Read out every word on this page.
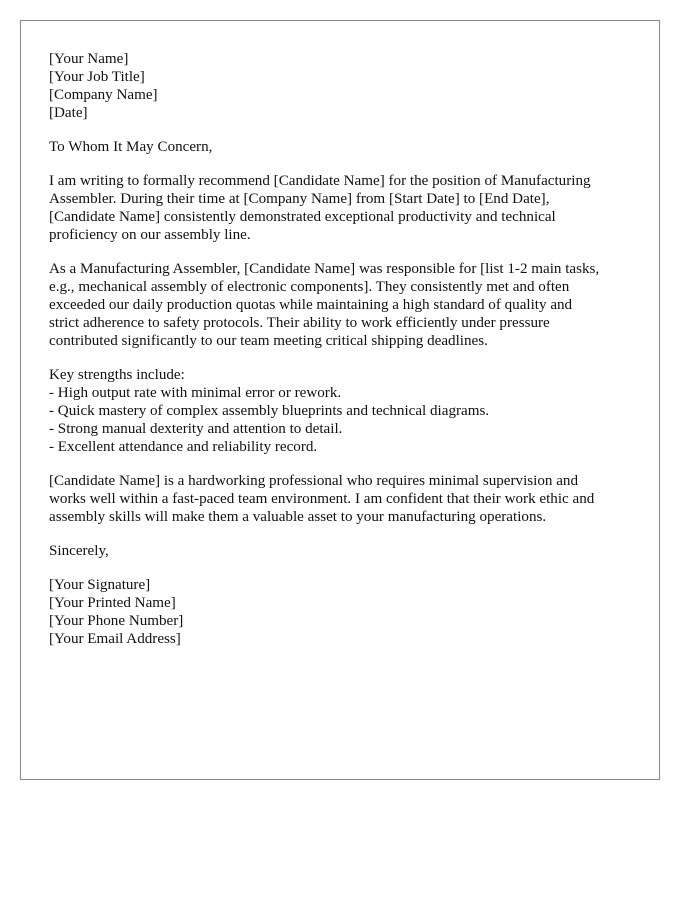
[Your Name]
[Your Job Title]
[Company Name]
[Date]
To Whom It May Concern,
I am writing to formally recommend [Candidate Name] for the position of Manufacturing
Assembler. During their time at [Company Name] from [Start Date] to [End Date],
[Candidate Name] consistently demonstrated exceptional productivity and technical
proficiency on our assembly line.
As a Manufacturing Assembler, [Candidate Name] was responsible for [list 1-2 main tasks,
e.g., mechanical assembly of electronic components]. They consistently met and often
exceeded our daily production quotas while maintaining a high standard of quality and
strict adherence to safety protocols. Their ability to work efficiently under pressure
contributed significantly to our team meeting critical shipping deadlines.
Key strengths include:
- High output rate with minimal error or rework.
- Quick mastery of complex assembly blueprints and technical diagrams.
- Strong manual dexterity and attention to detail.
- Excellent attendance and reliability record.
[Candidate Name] is a hardworking professional who requires minimal supervision and
works well within a fast-paced team environment. I am confident that their work ethic and
assembly skills will make them a valuable asset to your manufacturing operations.
Sincerely,
[Your Signature]
[Your Printed Name]
[Your Phone Number]
[Your Email Address]
